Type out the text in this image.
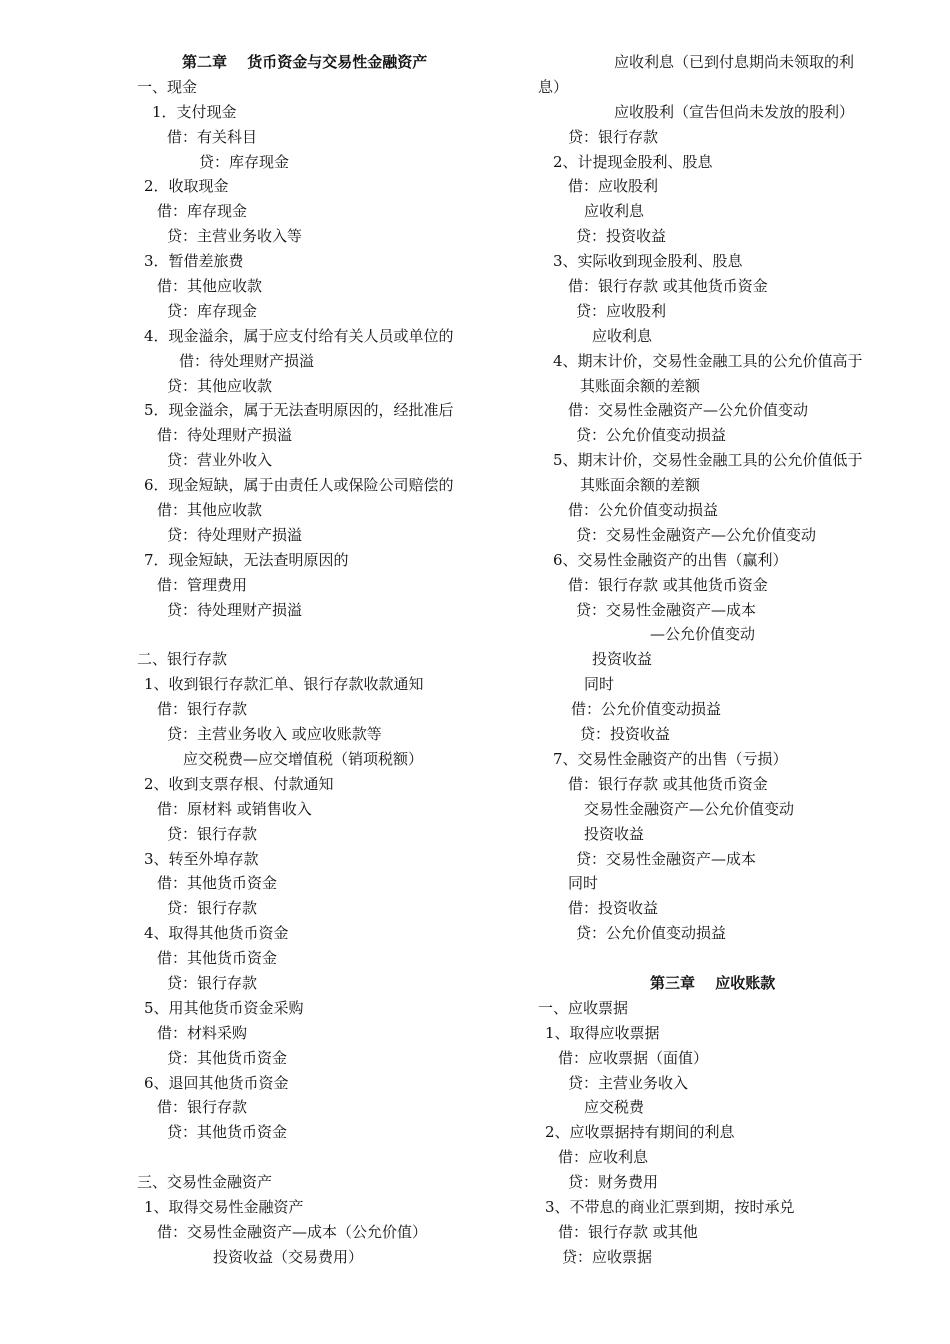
第二章　 货币资金与交易性金融资产
一、现金
1．支付现金
借：有关科目
贷：库存现金
2．收取现金
借：库存现金
贷：主营业务收入等
3．暂借差旅费
借：其他应收款
贷：库存现金
4．现金溢余，属于应支付给有关人员或单位的
借：待处理财产损溢
贷：其他应收款
5．现金溢余，属于无法查明原因的，经批准后
借：待处理财产损溢
贷：营业外收入
6．现金短缺，属于由责任人或保险公司赔偿的
借：其他应收款
贷：待处理财产损溢
7．现金短缺，无法查明原因的
借：管理费用
贷：待处理财产损溢
二、银行存款
1、收到银行存款汇单、银行存款收款通知
借：银行存款
贷：主营业务收入 或应收账款等
应交税费—应交增值税（销项税额）
2、收到支票存根、付款通知
借：原材料 或销售收入
贷：银行存款
3、转至外埠存款
借：其他货币资金
贷：银行存款
4、取得其他货币资金
借：其他货币资金
贷：银行存款
5、用其他货币资金采购
借：材料采购
贷：其他货币资金
6、退回其他货币资金
借：银行存款
贷：其他货币资金
三、交易性金融资产
1、取得交易性金融资产
借：交易性金融资产—成本（公允价值）
投资收益（交易费用）
应收利息（已到付息期尚未领取的利
息）
应收股利（宣告但尚未发放的股利）
贷：银行存款
2、计提现金股利、股息
借：应收股利
应收利息
贷：投资收益
3、实际收到现金股利、股息
借：银行存款 或其他货币资金
贷：应收股利
应收利息
4、期末计价，交易性金融工具的公允价值高于
其账面余额的差额
借：交易性金融资产—公允价值变动
贷：公允价值变动损益
5、期末计价，交易性金融工具的公允价值低于
其账面余额的差额
借：公允价值变动损益
贷：交易性金融资产—公允价值变动
6、交易性金融资产的出售（赢利）
借：银行存款 或其他货币资金
贷：交易性金融资产—成本
—公允价值变动
投资收益
同时
借：公允价值变动损益
贷：投资收益
7、交易性金融资产的出售（亏损）
借：银行存款 或其他货币资金
交易性金融资产—公允价值变动
投资收益
贷：交易性金融资产—成本
同时
借：投资收益
贷：公允价值变动损益
第三章　 应收账款
一、应收票据
1、取得应收票据
借：应收票据（面值）
贷：主营业务收入
应交税费
2、应收票据持有期间的利息
借：应收利息
贷：财务费用
3、不带息的商业汇票到期，按时承兑
借：银行存款 或其他
贷：应收票据
